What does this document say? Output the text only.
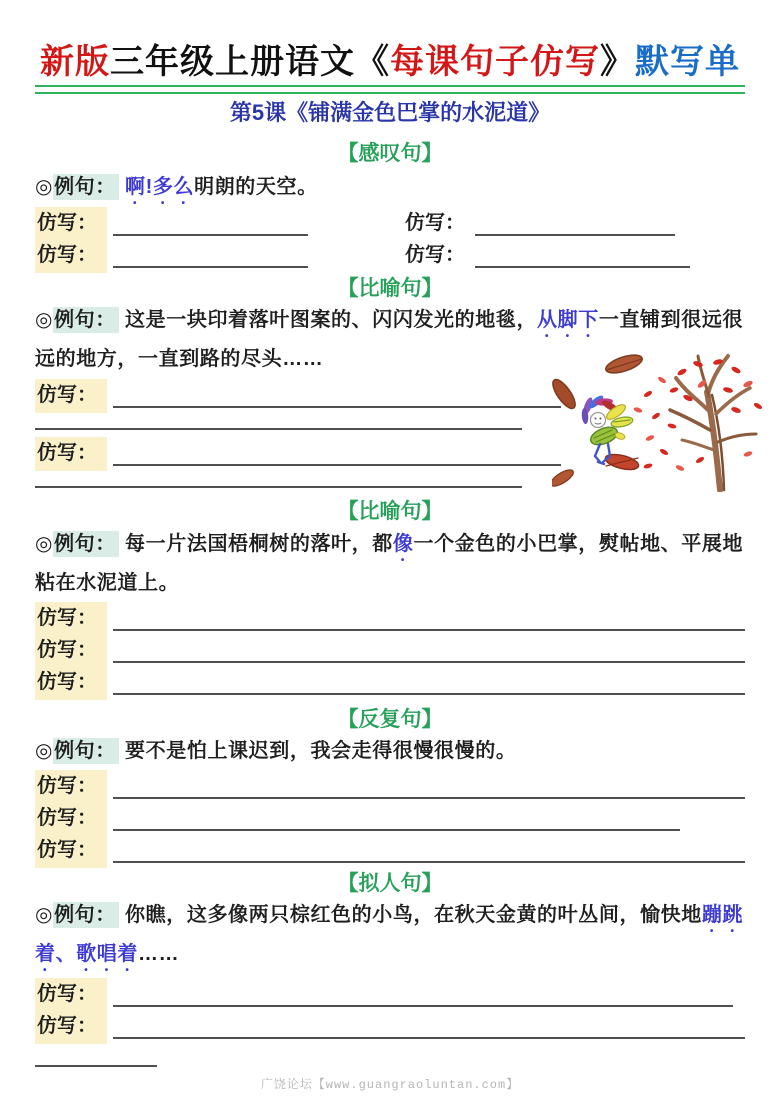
新版三年级上册语文《每课句子仿写》默写单
第5课《铺满金色巴掌的水泥道》
【感叹句】
◎例句： 啊!多么明朗的天空。
仿写：	仿写：
仿写：	仿写：
【比喻句】
◎例句： 这是一块印着落叶图案的、闪闪发光的地毯，从脚下一直铺到很远很远的地方，一直到路的尽头……
仿写：
仿写：
【比喻句】
◎例句： 每一片法国梧桐树的落叶，都像一个金色的小巴掌，熨帖地、平展地粘在水泥道上。
仿写：
仿写：
仿写：
【反复句】
◎例句： 要不是怕上课迟到，我会走得很慢很慢的。
仿写：
仿写：
仿写：
【拟人句】
◎例句： 你瞧，这多像两只棕红色的小鸟，在秋天金黄的叶丛间，愉快地蹦跳着、歌唱着……
仿写：
仿写：
广饶论坛【www.guangraoluntan.com】
